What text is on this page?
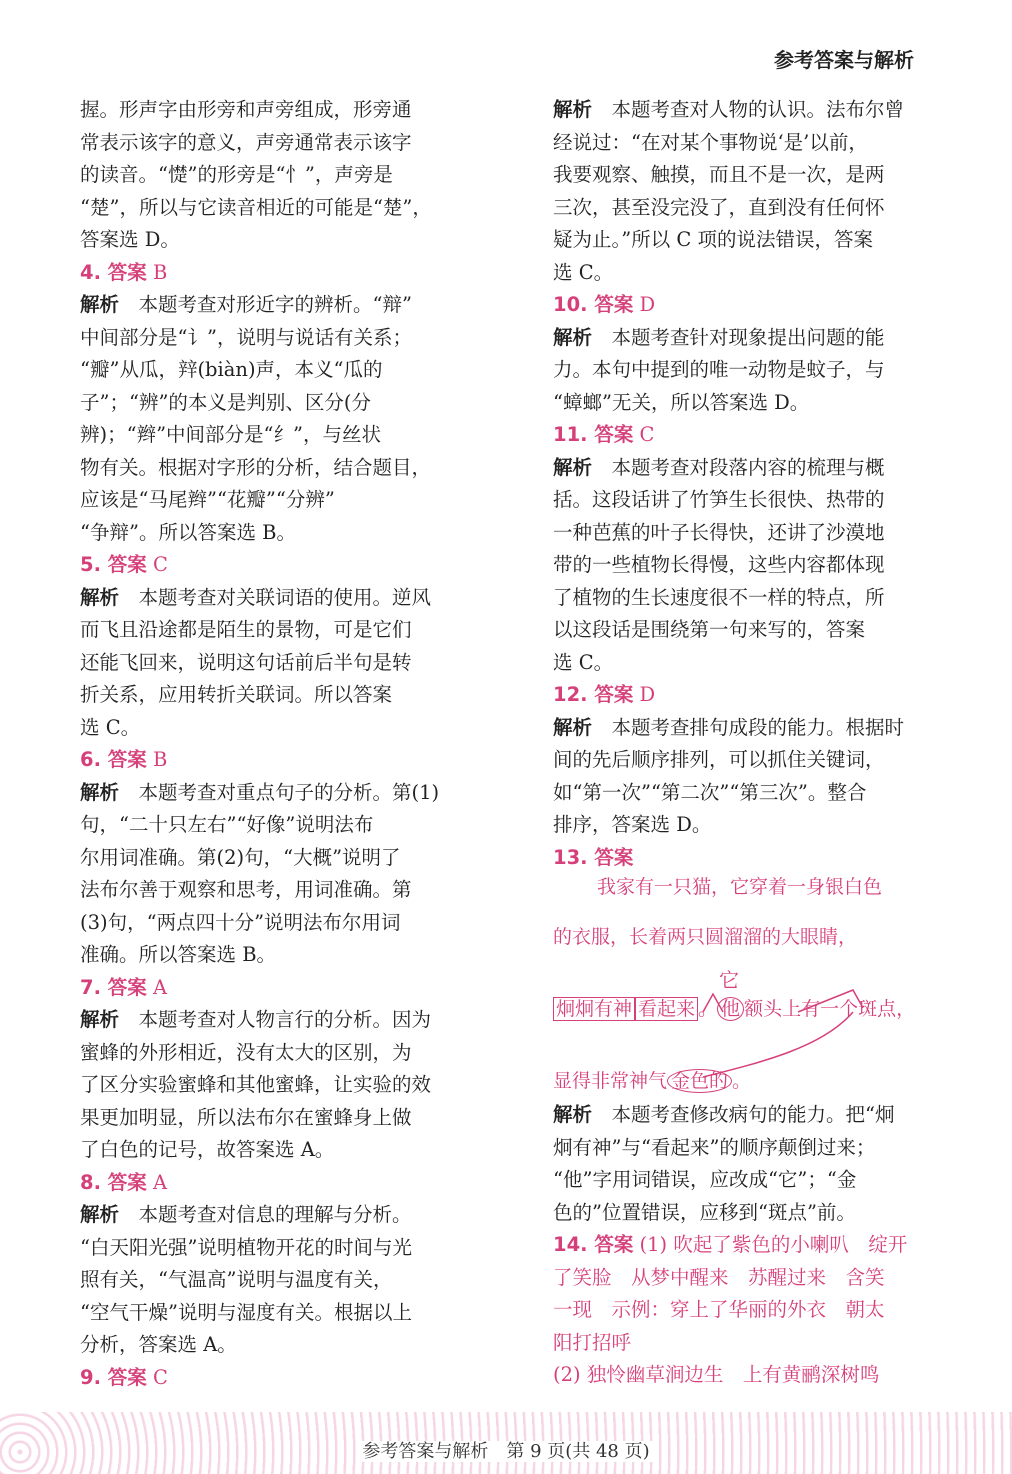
参考答案与解析
握。形声字由形旁和声旁组成，形旁通
常表示该字的意义，声旁通常表示该字
的读音。“憷”的形旁是“忄”，声旁是
“楚”，所以与它读音相近的可能是“楚”，
答案选 D。
4. 答案 B
解析　 本题考查对形近字的辨析。“辩”
中间部分是“讠”，说明与说话有关系；
“瓣”从瓜，辡(biàn)声，本义“瓜的
子”；“辨”的本义是判别、区分(分
辨)；“辫”中间部分是“纟”，与丝状
物有关。根据对字形的分析，结合题目，
应该是“马尾辫”“花瓣”“分辨”
“争辩”。所以答案选 B。
5. 答案 C
解析　 本题考查对关联词语的使用。逆风
而飞且沿途都是陌生的景物，可是它们
还能飞回来，说明这句话前后半句是转
折关系，应用转折关联词。所以答案
选 C。
6. 答案 B
解析　 本题考查对重点句子的分析。第(1)
句，“二十只左右”“好像”说明法布
尔用词准确。第(2)句，“大概”说明了
法布尔善于观察和思考，用词准确。第
(3)句，“两点四十分”说明法布尔用词
准确。所以答案选 B。
7. 答案 A
解析　 本题考查对人物言行的分析。因为
蜜蜂的外形相近，没有太大的区别，为
了区分实验蜜蜂和其他蜜蜂，让实验的效
果更加明显，所以法布尔在蜜蜂身上做
了白色的记号，故答案选 A。
8. 答案 A
解析　 本题考查对信息的理解与分析。
“白天阳光强”说明植物开花的时间与光
照有关，“气温高”说明与温度有关，
“空气干燥”说明与湿度有关。根据以上
分析，答案选 A。
9. 答案 C
解析　 本题考查对人物的认识。法布尔曾
经说过：“在对某个事物说‘是’以前，
我要观察、触摸，而且不是一次，是两
三次，甚至没完没了，直到没有任何怀
疑为止。”所以 C 项的说法错误，答案
选 C。
10. 答案 D
解析　 本题考查针对现象提出问题的能
力。本句中提到的唯一动物是蚊子，与
“蟑螂”无关，所以答案选 D。
11. 答案 C
解析　 本题考查对段落内容的梳理与概
括。这段话讲了竹笋生长很快、热带的
一种芭蕉的叶子长得快，还讲了沙漠地
带的一些植物长得慢，这些内容都体现
了植物的生长速度很不一样的特点，所
以这段话是围绕第一句来写的，答案
选 C。
12. 答案 D
解析　 本题考查排句成段的能力。根据时
间的先后顺序排列，可以抓住关键词，
如“第一次”“第二次”“第三次”。整合
排序，答案选 D。
13. 答案
我家有一只猫，它穿着一身银白色
的衣服，长着两只圆溜溜的大眼睛，
它
炯炯有神 看起来 。 他 额头上有一个斑点，
显得非常神气 金色的 。
解析　 本题考查修改病句的能力。把“炯
炯有神”与“看起来”的顺序颠倒过来；
“他”字用词错误，应改成“它”；“金
色的”位置错误，应移到“斑点”前。
14. 答案 (1) 吹起了紫色的小喇叭　绽开
了笑脸　从梦中醒来　苏醒过来　含笑
一现　示例：穿上了华丽的外衣　朝太
阳打招呼
(2) 独怜幽草涧边生　上有黄鹂深树鸣
参考答案与解析　第 9 页(共 48 页)
